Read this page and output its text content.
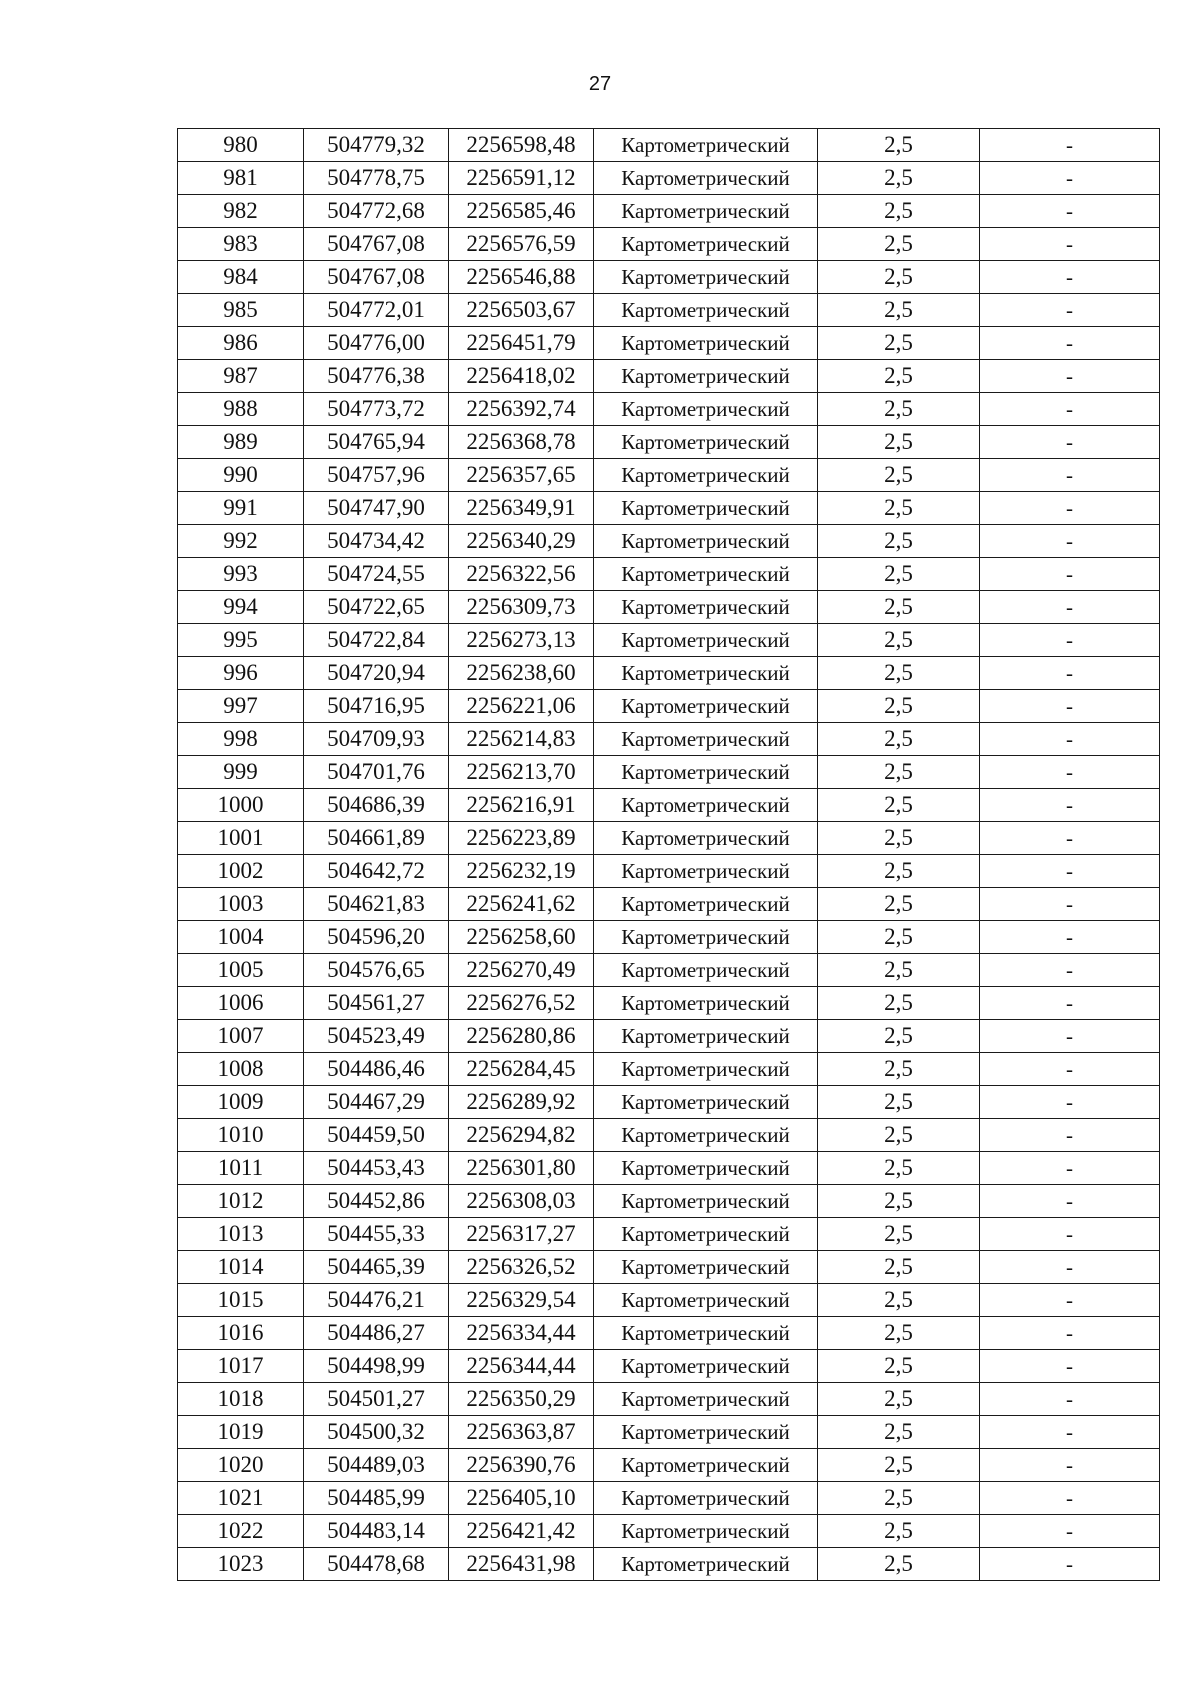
27
980	504779,32	2256598,48	Картометрический	2,5	-
981	504778,75	2256591,12	Картометрический	2,5	-
982	504772,68	2256585,46	Картометрический	2,5	-
983	504767,08	2256576,59	Картометрический	2,5	-
984	504767,08	2256546,88	Картометрический	2,5	-
985	504772,01	2256503,67	Картометрический	2,5	-
986	504776,00	2256451,79	Картометрический	2,5	-
987	504776,38	2256418,02	Картометрический	2,5	-
988	504773,72	2256392,74	Картометрический	2,5	-
989	504765,94	2256368,78	Картометрический	2,5	-
990	504757,96	2256357,65	Картометрический	2,5	-
991	504747,90	2256349,91	Картометрический	2,5	-
992	504734,42	2256340,29	Картометрический	2,5	-
993	504724,55	2256322,56	Картометрический	2,5	-
994	504722,65	2256309,73	Картометрический	2,5	-
995	504722,84	2256273,13	Картометрический	2,5	-
996	504720,94	2256238,60	Картометрический	2,5	-
997	504716,95	2256221,06	Картометрический	2,5	-
998	504709,93	2256214,83	Картометрический	2,5	-
999	504701,76	2256213,70	Картометрический	2,5	-
1000	504686,39	2256216,91	Картометрический	2,5	-
1001	504661,89	2256223,89	Картометрический	2,5	-
1002	504642,72	2256232,19	Картометрический	2,5	-
1003	504621,83	2256241,62	Картометрический	2,5	-
1004	504596,20	2256258,60	Картометрический	2,5	-
1005	504576,65	2256270,49	Картометрический	2,5	-
1006	504561,27	2256276,52	Картометрический	2,5	-
1007	504523,49	2256280,86	Картометрический	2,5	-
1008	504486,46	2256284,45	Картометрический	2,5	-
1009	504467,29	2256289,92	Картометрический	2,5	-
1010	504459,50	2256294,82	Картометрический	2,5	-
1011	504453,43	2256301,80	Картометрический	2,5	-
1012	504452,86	2256308,03	Картометрический	2,5	-
1013	504455,33	2256317,27	Картометрический	2,5	-
1014	504465,39	2256326,52	Картометрический	2,5	-
1015	504476,21	2256329,54	Картометрический	2,5	-
1016	504486,27	2256334,44	Картометрический	2,5	-
1017	504498,99	2256344,44	Картометрический	2,5	-
1018	504501,27	2256350,29	Картометрический	2,5	-
1019	504500,32	2256363,87	Картометрический	2,5	-
1020	504489,03	2256390,76	Картометрический	2,5	-
1021	504485,99	2256405,10	Картометрический	2,5	-
1022	504483,14	2256421,42	Картометрический	2,5	-
1023	504478,68	2256431,98	Картометрический	2,5	-
